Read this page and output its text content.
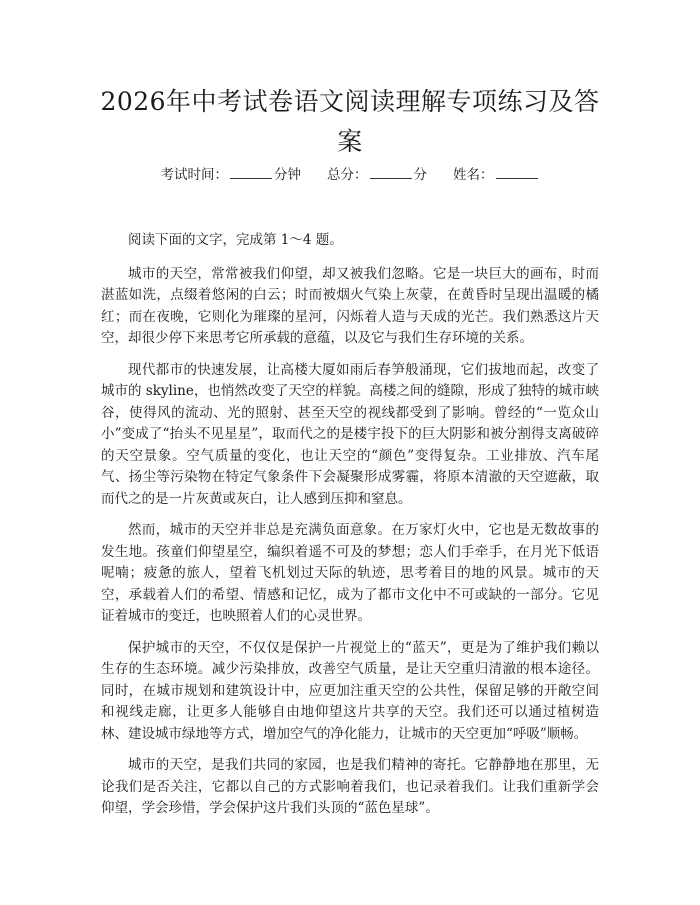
2026年中考试卷语文阅读理解专项练习及答案
考试时间：	分钟 总分：	分 姓名：

阅读下面的文字，完成第 1～4 题。

城市的天空，常常被我们仰望，却又被我们忽略。它是一块巨大的画布，时而湛蓝如洗，点缀着悠闲的白云；时而被烟火气染上灰蒙，在黄昏时呈现出温暖的橘红；而在夜晚，它则化为璀璨的星河，闪烁着人造与天成的光芒。我们熟悉这片天空，却很少停下来思考它所承载的意蕴，以及它与我们生存环境的关系。

现代都市的快速发展，让高楼大厦如雨后春笋般涌现，它们拔地而起，改变了城市的 skyline，也悄然改变了天空的样貌。高楼之间的缝隙，形成了独特的城市峡谷，使得风的流动、光的照射、甚至天空的视线都受到了影响。曾经的“一览众山小”变成了“抬头不见星星”，取而代之的是楼宇投下的巨大阴影和被分割得支离破碎的天空景象。空气质量的变化，也让天空的“颜色”变得复杂。工业排放、汽车尾气、扬尘等污染物在特定气象条件下会凝聚形成雾霾，将原本清澈的天空遮蔽，取而代之的是一片灰黄或灰白，让人感到压抑和窒息。

然而，城市的天空并非总是充满负面意象。在万家灯火中，它也是无数故事的发生地。孩童们仰望星空，编织着遥不可及的梦想；恋人们手牵手，在月光下低语呢喃；疲惫的旅人，望着飞机划过天际的轨迹，思考着目的地的风景。城市的天空，承载着人们的希望、情感和记忆，成为了都市文化中不可或缺的一部分。它见证着城市的变迁，也映照着人们的心灵世界。

保护城市的天空，不仅仅是保护一片视觉上的“蓝天”，更是为了维护我们赖以生存的生态环境。减少污染排放，改善空气质量，是让天空重归清澈的根本途径。同时，在城市规划和建筑设计中，应更加注重天空的公共性，保留足够的开敞空间和视线走廊，让更多人能够自由地仰望这片共享的天空。我们还可以通过植树造林、建设城市绿地等方式，增加空气的净化能力，让城市的天空更加“呼吸”顺畅。

城市的天空，是我们共同的家园，也是我们精神的寄托。它静静地在那里，无论我们是否关注，它都以自己的方式影响着我们，也记录着我们。让我们重新学会仰望，学会珍惜，学会保护这片我们头顶的“蓝色星球”。
